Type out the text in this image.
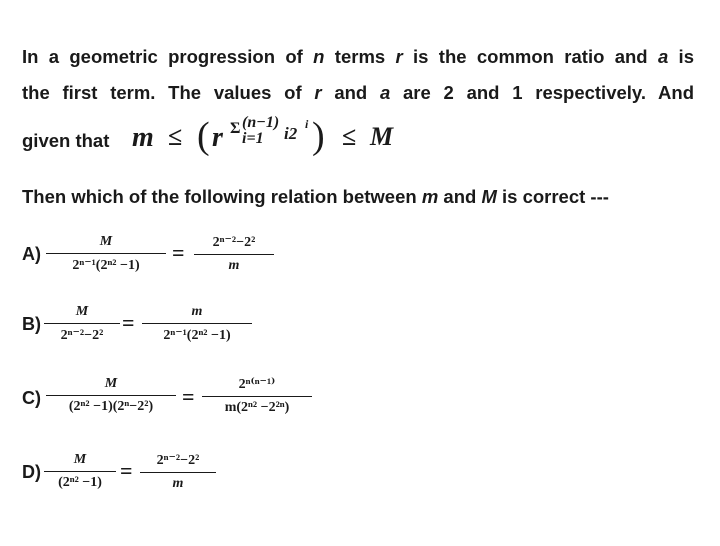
In a geometric progression of n terms r is the common ratio and a is
the first term. The values of r and a are 2 and 1 respectively. And
given that m ≤ ( r Σ (n−1)
i=1 i2 i ) ≤ M
Then which of the following relation between m and M is correct ---
A)
M
2ⁿ⁻¹(2ⁿ² −1)
=	2ⁿ⁻²−2²
m
B)
M
2ⁿ⁻²−2²
=	m
2ⁿ⁻¹(2ⁿ² −1)
C)
M
(2ⁿ² −1)(2ⁿ−2²)	=	2ⁿ⁽ⁿ⁻¹⁾
m(2ⁿ² −2²ⁿ)
D)
M
(2ⁿ² −1) =	2ⁿ⁻²−2²
m
